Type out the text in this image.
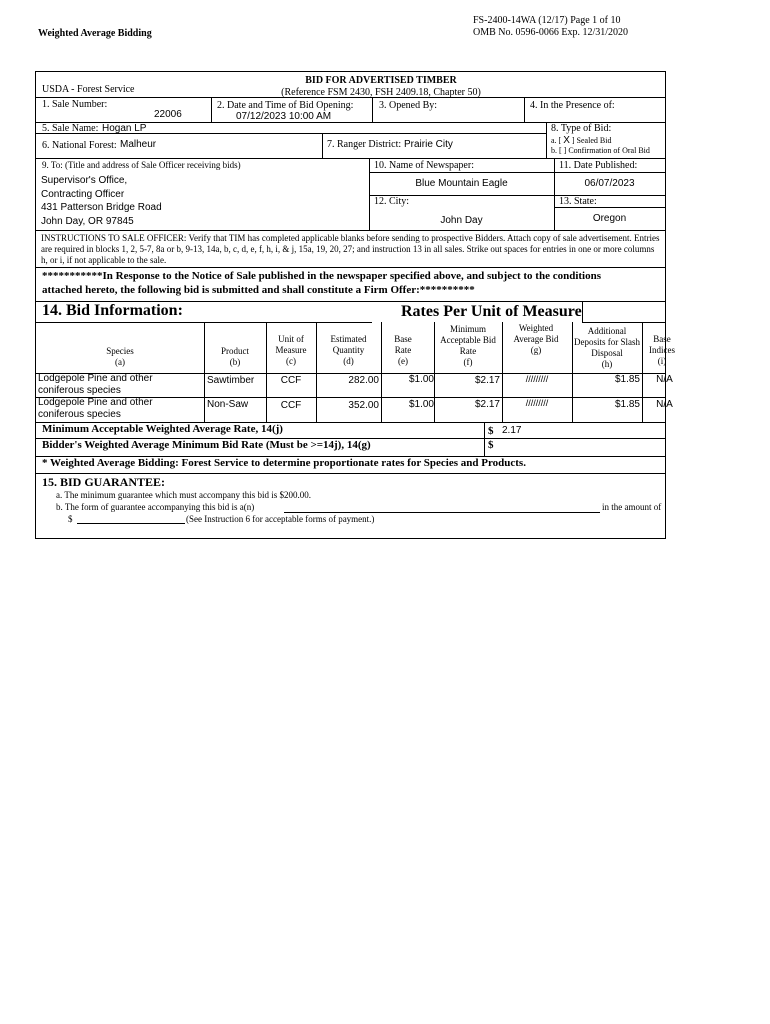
FS-2400-14WA (12/17) Page 1 of 10
OMB No. 0596-0066 Exp. 12/31/2020
Weighted Average Bidding
BID FOR ADVERTISED TIMBER
(Reference FSM 2430, FSH 2409.18, Chapter 50)
USDA - Forest Service
1. Sale Number:
22006
2. Date and Time of Bid Opening:
07/12/2023 10:00 AM
3. Opened By:	4. In the Presence of:
5. Sale Name: Hogan LP	8. Type of Bid:
a. [ X ] Sealed Bid
b. [ ] Confirmation of Oral Bid
6. National Forest: Malheur	7. Ranger District: Prairie City
9. To: (Title and address of Sale Officer receiving bids)
Supervisor's Office,
Contracting Officer
431 Patterson Bridge Road
John Day, OR 97845
10. Name of Newspaper:
Blue Mountain Eagle
11. Date Published:
06/07/2023
12. City:
John Day
13. State:
Oregon
INSTRUCTIONS TO SALE OFFICER: Verify that TIM has completed applicable blanks before sending to prospective Bidders. Attach copy of sale advertisement. Entries are required in blocks 1, 2, 5-7, 8a or b, 9-13, 14a, b, c, d, e, f, h, i, & j, 15a, 19, 20, 27; and instruction 13 in all sales. Strike out spaces for entries in one or more columns h, or i, if not applicable to the sale.
***********In Response to the Notice of Sale published in the newspaper specified above, and subject to the conditions
attached hereto, the following bid is submitted and shall constitute a Firm Offer:**********
14. Bid Information:	Rates Per Unit of Measure
Species
(a)
Product
(b)
Unit of Measure
(c)
Estimated Quantity
(d)
Base Rate
(e)
Minimum Acceptable Bid Rate
(f)
Weighted Average Bid
(g)
Additional Deposits for Slash Disposal
(h)
Base Indices
(i)
Lodgepole Pine and other coniferous species
Sawtimber	CCF	282.00	$1.00	$2.17	/////////	$1.85	N/A
Lodgepole Pine and other coniferous species
Non-Saw	CCF	352.00	$1.00	$2.17	/////////	$1.85	N/A
Minimum Acceptable Weighted Average Rate, 14(j)	$ 2.17
Bidder's Weighted Average Minimum Bid Rate (Must be >=14j), 14(g)	$
* Weighted Average Bidding: Forest Service to determine proportionate rates for Species and Products.
15. BID GUARANTEE:
a. The minimum guarantee which must accompany this bid is $200.00.
b. The form of guarantee accompanying this bid is a(n)	in the amount of
$	(See Instruction 6 for acceptable forms of payment.)
